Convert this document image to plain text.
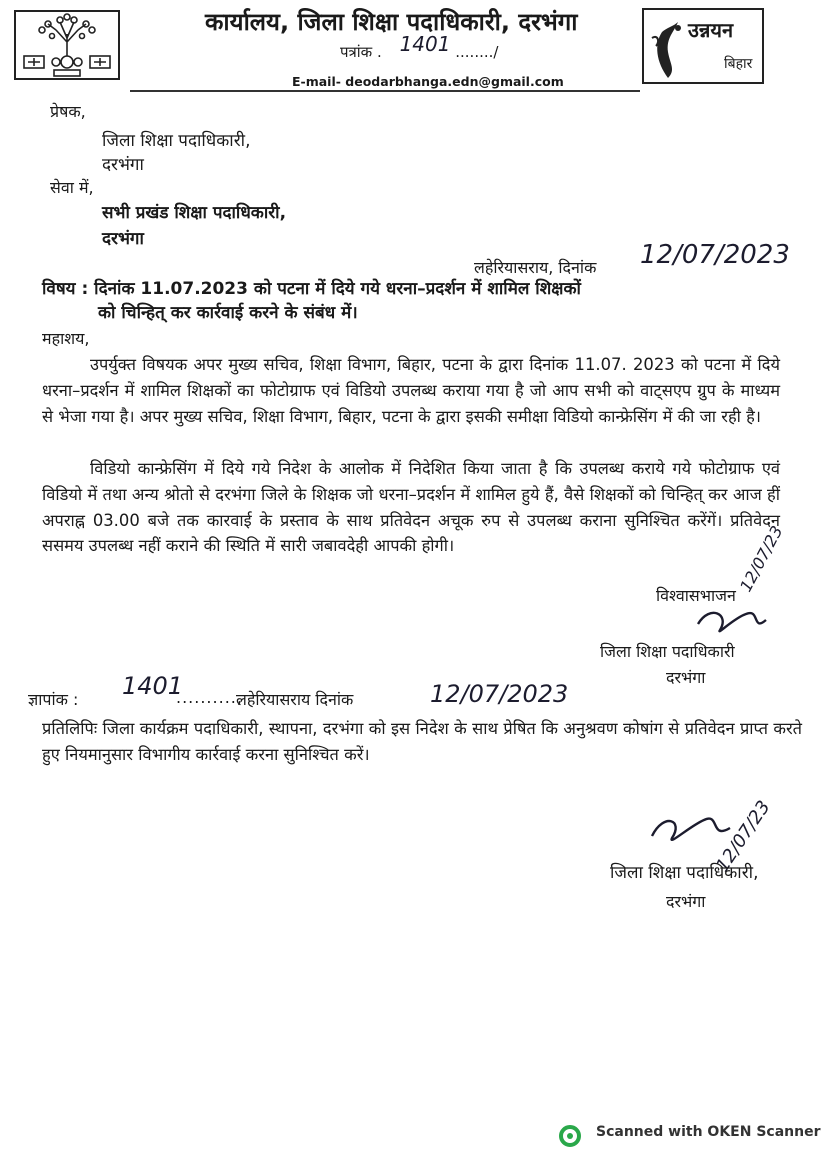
कार्यालय, जिला शिक्षा पदाधिकारी, दरभंगा
पत्रांक . 1401 ......../
E-mail- deodarbhanga.edn@gmail.com
उन्नयन
बिहार
प्रेषक,
जिला शिक्षा पदाधिकारी,
दरभंगा
सेवा में,
सभी प्रखंड शिक्षा पदाधिकारी,
दरभंगा
लहेरियासराय, दिनांक 12/07/2023
विषय : दिनांक 11.07.2023 को पटना में दिये गये धरना–प्रदर्शन में शामिल शिक्षकों
को चिन्हित् कर कार्रवाई करने के संबंध में।
महाशय,
उपर्युक्त विषयक अपर मुख्य सचिव, शिक्षा विभाग, बिहार, पटना के द्वारा दिनांक 11.07. 2023 को पटना में दिये धरना–प्रदर्शन में शामिल शिक्षकों का फोटोग्राफ एवं विडियो उपलब्ध कराया गया है जो आप सभी को वाट्सएप ग्रुप के माध्यम से भेजा गया है। अपर मुख्य सचिव, शिक्षा विभाग, बिहार, पटना के द्वारा इसकी समीक्षा विडियो कान्फ्रेसिंग में की जा रही है।
विडियो कान्फ्रेसिंग में दिये गये निदेश के आलोक में निदेशित किया जाता है कि उपलब्ध कराये गये फोटोग्राफ एवं विडियो में तथा अन्य श्रोतो से दरभंगा जिले के शिक्षक जो धरना–प्रदर्शन में शामिल हुये हैं, वैसे शिक्षकों को चिन्हित् कर आज हीं अपराह्न 03.00 बजे तक कारवाई के प्रस्ताव के साथ प्रतिवेदन अचूक रुप से उपलब्ध कराना सुनिश्चित करेंगें। प्रतिवेदन ससमय उपलब्ध नहीं कराने की स्थिति में सारी जबावदेही आपकी होगी।
विश्वासभाजन
12/07/23
जिला शिक्षा पदाधिकारी
दरभंगा
ज्ञापांक : 1401
..........,
लहेरियासराय दिनांक	12/07/2023
प्रतिलिपिः जिला कार्यक्रम पदाधिकारी, स्थापना, दरभंगा को इस निदेश के साथ प्रेषित कि अनुश्रवण कोषांग से प्रतिवेदन प्राप्त करते हुए नियमानुसार विभागीय कार्रवाई करना सुनिश्चित करें।
12/07/23
जिला शिक्षा पदाधिकारी,
दरभंगा
Scanned with OKEN Scanner
